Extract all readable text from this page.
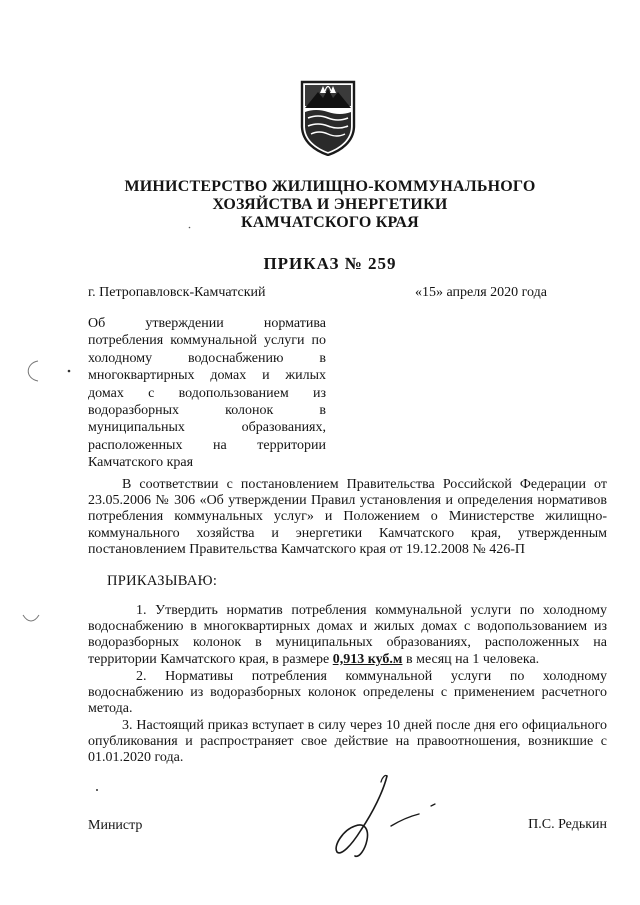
МИНИСТЕРСТВО ЖИЛИЩНО-КОММУНАЛЬНОГО
ХОЗЯЙСТВА И ЭНЕРГЕТИКИ
КАМЧАТСКОГО КРАЯ
ПРИКАЗ № 259
г. Петропавловск-Камчатский	«15» апреля 2020 года
Об утверждении норматива потребления коммунальной услуги по холодному водоснабжению в многоквартирных домах и жилых домах с водопользованием из водоразборных колонок в муниципальных образованиях, расположенных на территории Камчатского края
В соответствии с постановлением Правительства Российской Федерации от 23.05.2006 № 306 «Об утверждении Правил установления и определения нормативов потребления коммунальных услуг» и Положением о Министерстве жилищно-коммунального хозяйства и энергетики Камчатского края, утвержденным постановлением Правительства Камчатского края от 19.12.2008 № 426-П
ПРИКАЗЫВАЮ:
1. Утвердить норматив потребления коммунальной услуги по холодному водоснабжению в многоквартирных домах и жилых домах с водопользованием из водоразборных колонок в муниципальных образованиях, расположенных на территории Камчатского края, в размере 0,913 куб.м в месяц на 1 человека.
2. Нормативы потребления коммунальной услуги по холодному водоснабжению из водоразборных колонок определены с применением расчетного метода.
3. Настоящий приказ вступает в силу через 10 дней после дня его официального опубликования и распространяет свое действие на правоотношения, возникшие с 01.01.2020 года.
Министр	П.С. Редькин
